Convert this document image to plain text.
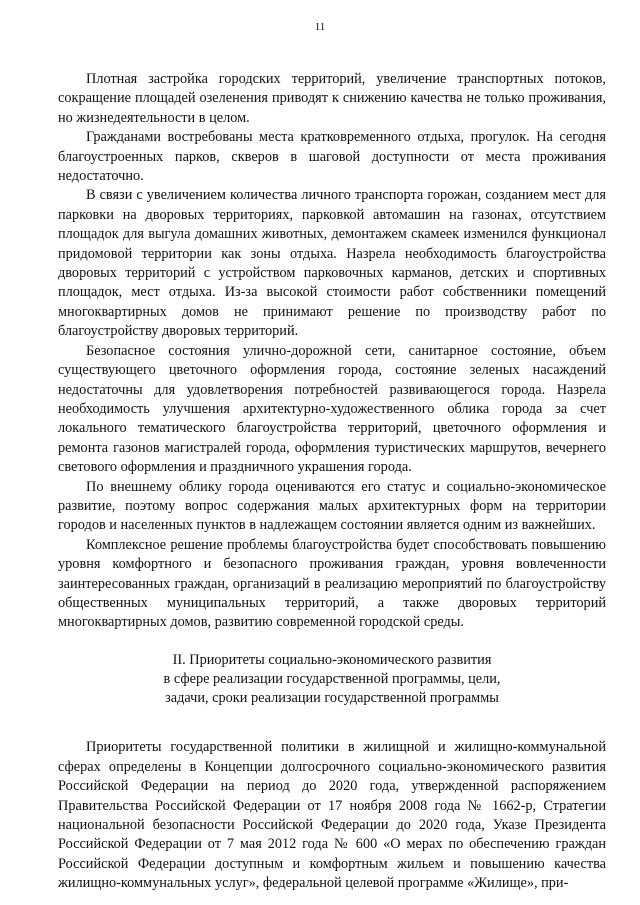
11

Плотная застройка городских территорий, увеличение транспортных потоков, сокращение площадей озеленения приводят к снижению качества не только проживания, но жизнедеятельности в целом.

Гражданами востребованы места кратковременного отдыха, прогулок. На сегодня благоустроенных парков, скверов в шаговой доступности от места проживания недостаточно.

В связи с увеличением количества личного транспорта горожан, созданием мест для парковки на дворовых территориях, парковкой автомашин на газонах, отсутствием площадок для выгула домашних животных, демонтажем скамеек изменился функционал придомовой территории как зоны отдыха. Назрела необходимость благоустройства дворовых территорий с устройством парковочных карманов, детских и спортивных площадок, мест отдыха. Из-за высокой стоимости работ собственники помещений многоквартирных домов не принимают решение по производству работ по благоустройству дворовых территорий.

Безопасное состояния улично-дорожной сети, санитарное состояние, объем существующего цветочного оформления города, состояние зеленых насаждений недостаточны для удовлетворения потребностей развивающегося города. Назрела необходимость улучшения архитектурно-художественного облика города за счет локального тематического благоустройства территорий, цветочного оформления и ремонта газонов магистралей города, оформления туристических маршрутов, вечернего светового оформления и праздничного украшения города.

По внешнему облику города оцениваются его статус и социально-экономическое развитие, поэтому вопрос содержания малых архитектурных форм на территории городов и населенных пунктов в надлежащем состоянии является одним из важнейших.

Комплексное решение проблемы благоустройства будет способствовать повышению уровня комфортного и безопасного проживания граждан, уровня вовлеченности заинтересованных граждан, организаций в реализацию мероприятий по благоустройству общественных муниципальных территорий, а также дворовых территорий многоквартирных домов, развитию современной городской среды.

II. Приоритеты социально-экономического развития
в сфере реализации государственной программы, цели,
задачи, сроки реализации государственной программы

Приоритеты государственной политики в жилищной и жилищно-коммунальной сферах определены в Концепции долгосрочного социально-экономического развития Российской Федерации на период до 2020 года, утвержденной распоряжением Правительства Российской Федерации от 17 ноября 2008 года № 1662-р, Стратегии национальной безопасности Российской Федерации до 2020 года, Указе Президента Российской Федерации от 7 мая 2012 года № 600 «О мерах по обеспечению граждан Российской Федерации доступным и комфортным жильем и повышению качества жилищно-коммунальных услуг», федеральной целевой программе «Жилище», при-
